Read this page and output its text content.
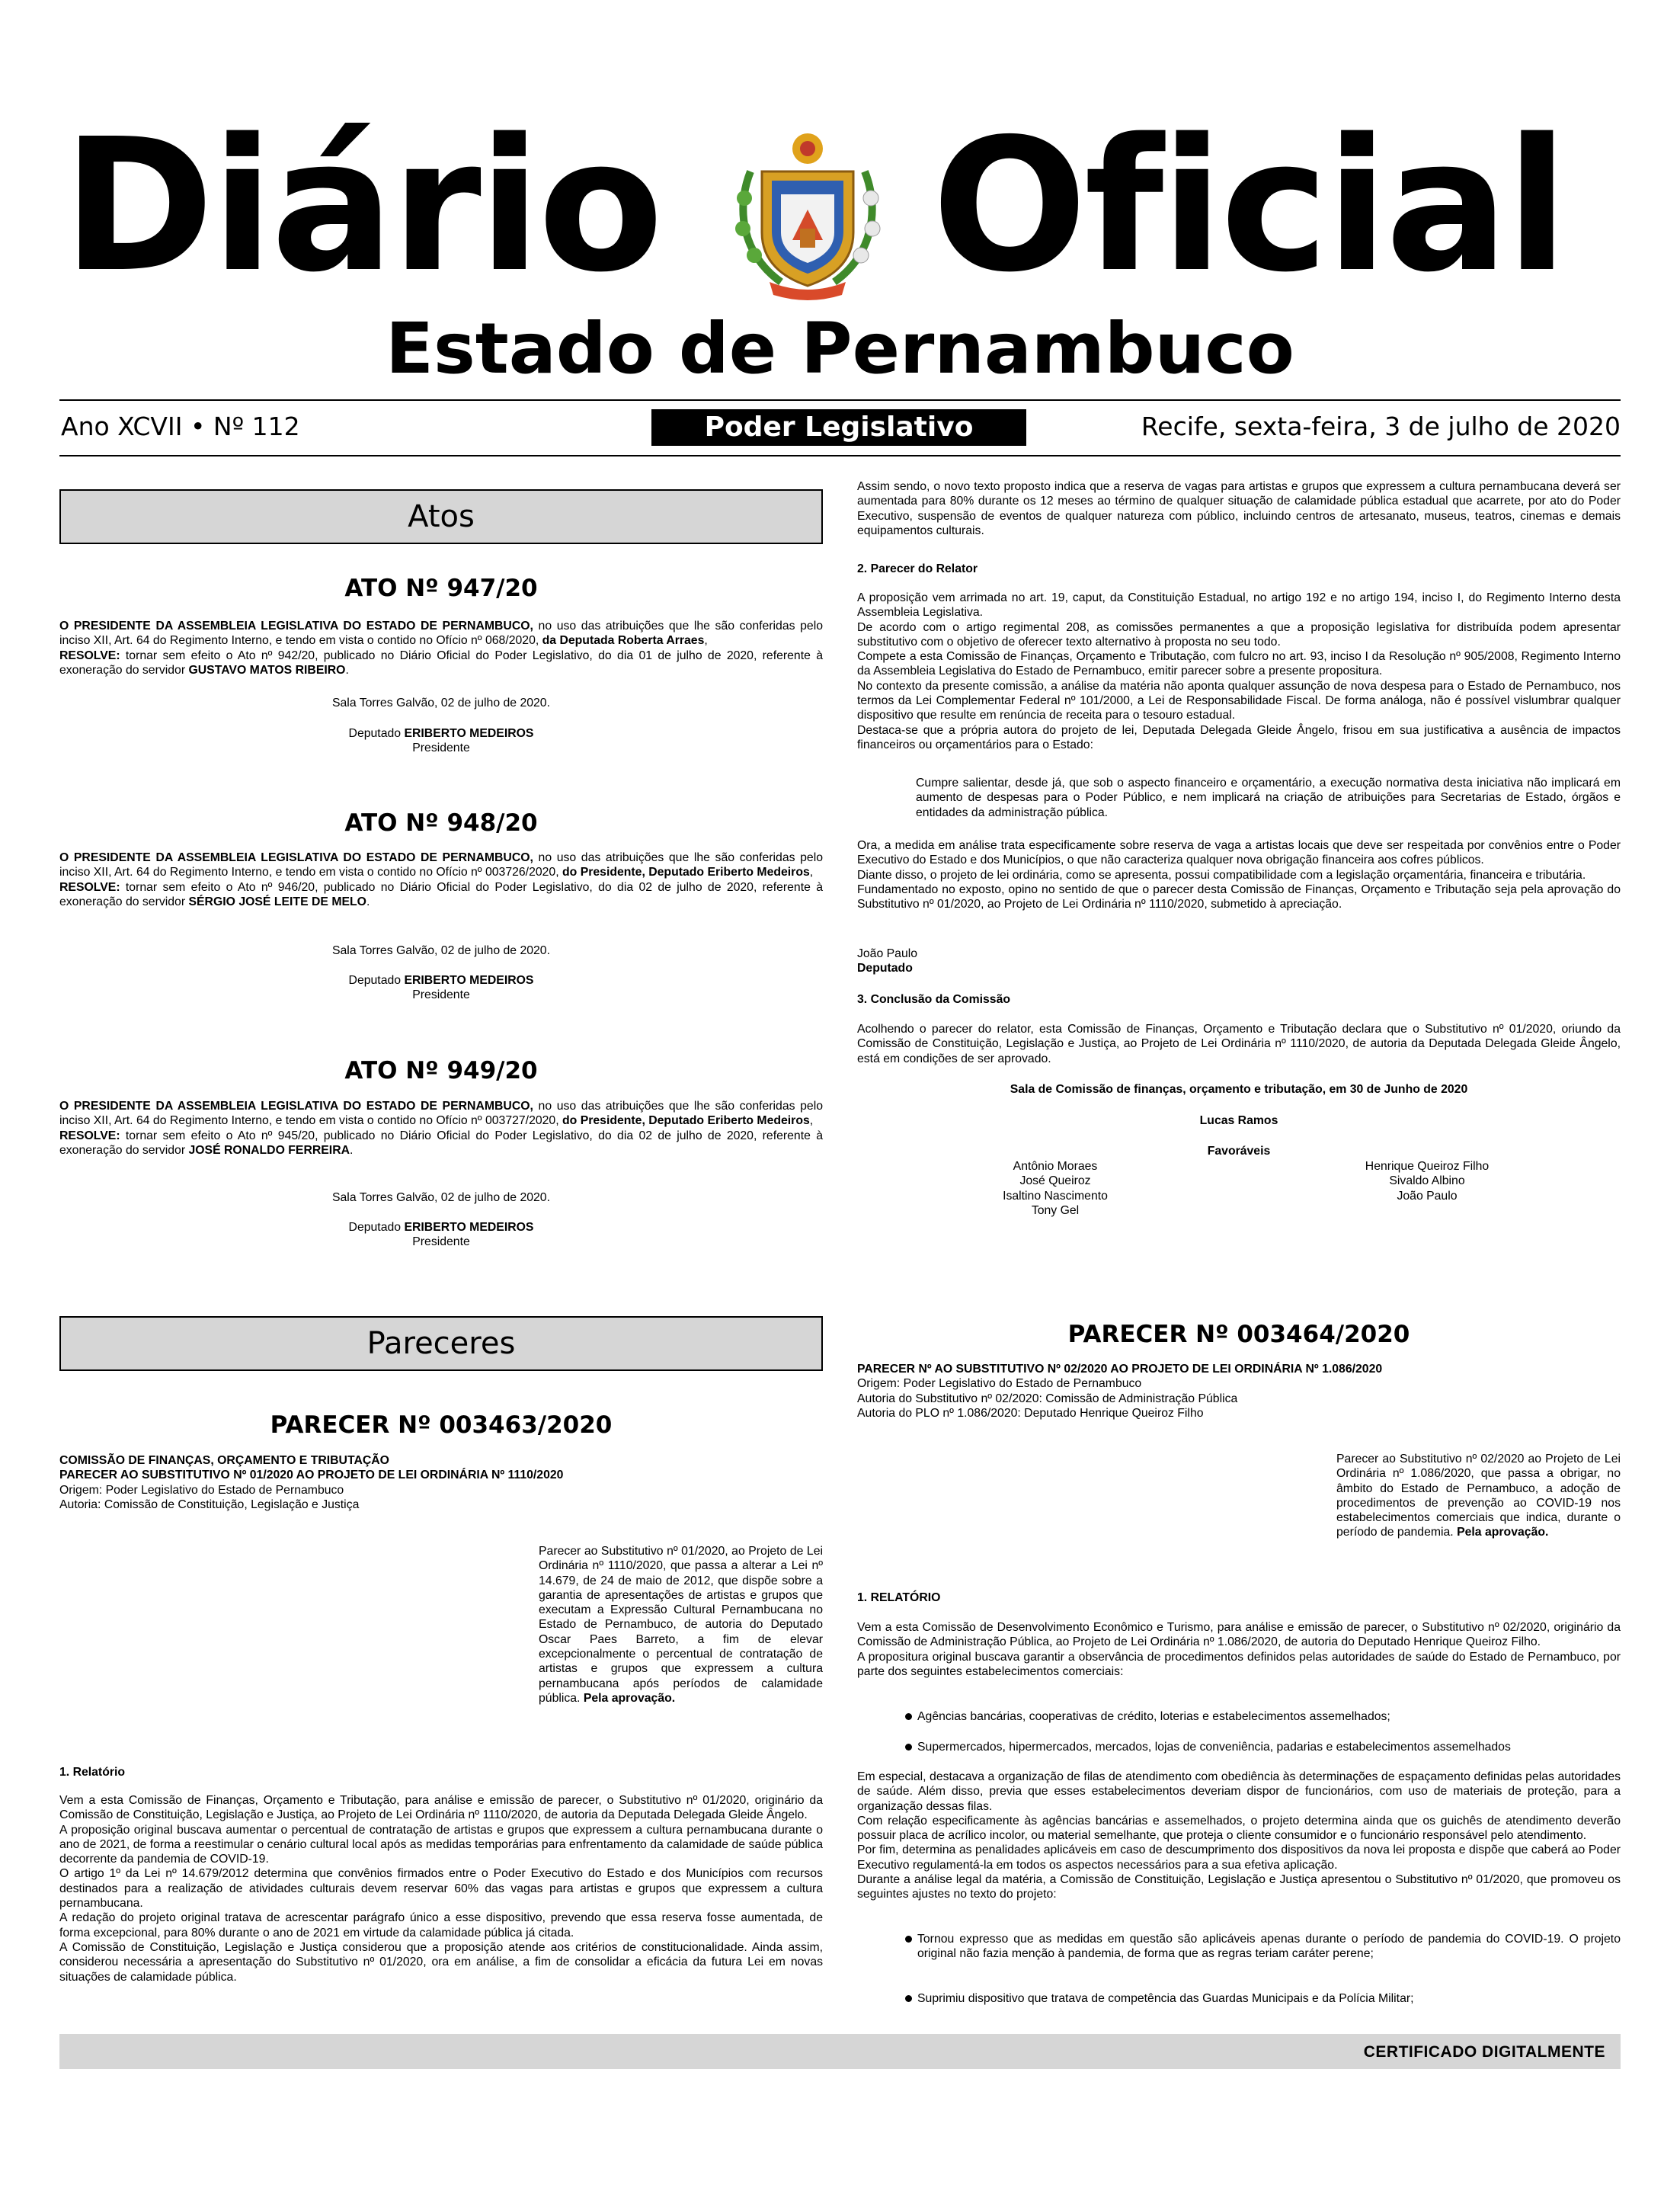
Diário Oficial
Estado de Pernambuco
Ano XCVII • Nº 112	Poder Legislativo	Recife, sexta-feira, 3 de julho de 2020
Atos
ATO Nº 947/20

O PRESIDENTE DA ASSEMBLEIA LEGISLATIVA DO ESTADO DE PERNAMBUCO, no uso das atribuições que lhe são conferidas pelo inciso XII, Art. 64 do Regimento Interno, e tendo em vista o contido no Ofício nº 068/2020, da Deputada Roberta Arraes,

RESOLVE: tornar sem efeito o Ato nº 942/20, publicado no Diário Oficial do Poder Legislativo, do dia 01 de julho de 2020, referente à exoneração do servidor GUSTAVO MATOS RIBEIRO.

Sala Torres Galvão, 02 de julho de 2020.

Deputado ERIBERTO MEDEIROS

Presidente

ATO Nº 948/20

O PRESIDENTE DA ASSEMBLEIA LEGISLATIVA DO ESTADO DE PERNAMBUCO, no uso das atribuições que lhe são conferidas pelo inciso XII, Art. 64 do Regimento Interno, e tendo em vista o contido no Ofício nº 003726/2020, do Presidente, Deputado Eriberto Medeiros,

RESOLVE: tornar sem efeito o Ato nº 946/20, publicado no Diário Oficial do Poder Legislativo, do dia 02 de julho de 2020, referente à exoneração do servidor SÉRGIO JOSÉ LEITE DE MELO.

Sala Torres Galvão, 02 de julho de 2020.

Deputado ERIBERTO MEDEIROS

Presidente

ATO Nº 949/20

O PRESIDENTE DA ASSEMBLEIA LEGISLATIVA DO ESTADO DE PERNAMBUCO, no uso das atribuições que lhe são conferidas pelo inciso XII, Art. 64 do Regimento Interno, e tendo em vista o contido no Ofício nº 003727/2020, do Presidente, Deputado Eriberto Medeiros,

RESOLVE: tornar sem efeito o Ato nº 945/20, publicado no Diário Oficial do Poder Legislativo, do dia 02 de julho de 2020, referente à exoneração do servidor JOSÉ RONALDO FERREIRA.

Sala Torres Galvão, 02 de julho de 2020.

Deputado ERIBERTO MEDEIROS

Presidente

Pareceres
PARECER Nº 003463/2020

COMISSÃO DE FINANÇAS, ORÇAMENTO E TRIBUTAÇÃO

PARECER AO SUBSTITUTIVO Nº 01/2020 AO PROJETO DE LEI ORDINÁRIA Nº 1110/2020

Origem: Poder Legislativo do Estado de Pernambuco

Autoria: Comissão de Constituição, Legislação e Justiça

Parecer ao Substitutivo nº 01/2020, ao Projeto de Lei Ordinária nº 1110/2020, que passa a alterar a Lei nº 14.679, de 24 de maio de 2012, que dispõe sobre a garantia de apresentações de artistas e grupos que executam a Expressão Cultural Pernambucana no Estado de Pernambuco, de autoria do Deputado Oscar Paes Barreto, a fim de elevar excepcionalmente o percentual de contratação de artistas e grupos que expressem a cultura pernambucana após períodos de calamidade pública. Pela aprovação.

1. Relatório

Vem a esta Comissão de Finanças, Orçamento e Tributação, para análise e emissão de parecer, o Substitutivo nº 01/2020, originário da Comissão de Constituição, Legislação e Justiça, ao Projeto de Lei Ordinária nº 1110/2020, de autoria da Deputada Delegada Gleide Ângelo.

A proposição original buscava aumentar o percentual de contratação de artistas e grupos que expressem a cultura pernambucana durante o ano de 2021, de forma a reestimular o cenário cultural local após as medidas temporárias para enfrentamento da calamidade de saúde pública decorrente da pandemia de COVID-19.

O artigo 1º da Lei nº 14.679/2012 determina que convênios firmados entre o Poder Executivo do Estado e dos Municípios com recursos destinados para a realização de atividades culturais devem reservar 60% das vagas para artistas e grupos que expressem a cultura pernambucana.

A redação do projeto original tratava de acrescentar parágrafo único a esse dispositivo, prevendo que essa reserva fosse aumentada, de forma excepcional, para 80% durante o ano de 2021 em virtude da calamidade pública já citada.

A Comissão de Constituição, Legislação e Justiça considerou que a proposição atende aos critérios de constitucionalidade. Ainda assim, considerou necessária a apresentação do Substitutivo nº 01/2020, ora em análise, a fim de consolidar a eficácia da futura Lei em novas situações de calamidade pública.

Assim sendo, o novo texto proposto indica que a reserva de vagas para artistas e grupos que expressem a cultura pernambucana deverá ser aumentada para 80% durante os 12 meses ao término de qualquer situação de calamidade pública estadual que acarrete, por ato do Poder Executivo, suspensão de eventos de qualquer natureza com público, incluindo centros de artesanato, museus, teatros, cinemas e demais equipamentos culturais.

2. Parecer do Relator

A proposição vem arrimada no art. 19, caput, da Constituição Estadual, no artigo 192 e no artigo 194, inciso I, do Regimento Interno desta Assembleia Legislativa.

De acordo com o artigo regimental 208, as comissões permanentes a que a proposição legislativa for distribuída podem apresentar substitutivo com o objetivo de oferecer texto alternativo à proposta no seu todo.

Compete a esta Comissão de Finanças, Orçamento e Tributação, com fulcro no art. 93, inciso I da Resolução nº 905/2008, Regimento Interno da Assembleia Legislativa do Estado de Pernambuco, emitir parecer sobre a presente propositura.

No contexto da presente comissão, a análise da matéria não aponta qualquer assunção de nova despesa para o Estado de Pernambuco, nos termos da Lei Complementar Federal nº 101/2000, a Lei de Responsabilidade Fiscal. De forma análoga, não é possível vislumbrar qualquer dispositivo que resulte em renúncia de receita para o tesouro estadual.

Destaca-se que a própria autora do projeto de lei, Deputada Delegada Gleide Ângelo, frisou em sua justificativa a ausência de impactos financeiros ou orçamentários para o Estado:

Cumpre salientar, desde já, que sob o aspecto financeiro e orçamentário, a execução normativa desta iniciativa não implicará em aumento de despesas para o Poder Público, e nem implicará na criação de atribuições para Secretarias de Estado, órgãos e entidades da administração pública.

Ora, a medida em análise trata especificamente sobre reserva de vaga a artistas locais que deve ser respeitada por convênios entre o Poder Executivo do Estado e dos Municípios, o que não caracteriza qualquer nova obrigação financeira aos cofres públicos.

Diante disso, o projeto de lei ordinária, como se apresenta, possui compatibilidade com a legislação orçamentária, financeira e tributária.

Fundamentado no exposto, opino no sentido de que o parecer desta Comissão de Finanças, Orçamento e Tributação seja pela aprovação do Substitutivo nº 01/2020, ao Projeto de Lei Ordinária nº 1110/2020, submetido à apreciação.

João Paulo

Deputado

3. Conclusão da Comissão

Acolhendo o parecer do relator, esta Comissão de Finanças, Orçamento e Tributação declara que o Substitutivo nº 01/2020, oriundo da Comissão de Constituição, Legislação e Justiça, ao Projeto de Lei Ordinária nº 1110/2020, de autoria da Deputada Delegada Gleide Ângelo, está em condições de ser aprovado.

Sala de Comissão de finanças, orçamento e tributação, em 30 de Junho de 2020

Lucas Ramos

Favoráveis

Antônio Moraes

José Queiroz

Isaltino Nascimento

Tony Gel

Henrique Queiroz Filho

Sivaldo Albino

João Paulo

PARECER Nº 003464/2020

PARECER Nº AO SUBSTITUTIVO Nº 02/2020 AO PROJETO DE LEI ORDINÁRIA Nº 1.086/2020

Origem: Poder Legislativo do Estado de Pernambuco

Autoria do Substitutivo nº 02/2020: Comissão de Administração Pública

Autoria do PLO nº 1.086/2020: Deputado Henrique Queiroz Filho

Parecer ao Substitutivo nº 02/2020 ao Projeto de Lei Ordinária nº 1.086/2020, que passa a obrigar, no âmbito do Estado de Pernambuco, a adoção de procedimentos de prevenção ao COVID-19 nos estabelecimentos comerciais que indica, durante o período de pandemia. Pela aprovação.

1. RELATÓRIO

Vem a esta Comissão de Desenvolvimento Econômico e Turismo, para análise e emissão de parecer, o Substitutivo nº 02/2020, originário da Comissão de Administração Pública, ao Projeto de Lei Ordinária nº 1.086/2020, de autoria do Deputado Henrique Queiroz Filho.

A propositura original buscava garantir a observância de procedimentos definidos pelas autoridades de saúde do Estado de Pernambuco, por parte dos seguintes estabelecimentos comerciais:

Agências bancárias, cooperativas de crédito, loterias e estabelecimentos assemelhados;

Supermercados, hipermercados, mercados, lojas de conveniência, padarias e estabelecimentos assemelhados

Em especial, destacava a organização de filas de atendimento com obediência às determinações de espaçamento definidas pelas autoridades de saúde. Além disso, previa que esses estabelecimentos deveriam dispor de funcionários, com uso de materiais de proteção, para a organização dessas filas.

Com relação especificamente às agências bancárias e assemelhados, o projeto determina ainda que os guichês de atendimento deverão possuir placa de acrílico incolor, ou material semelhante, que proteja o cliente consumidor e o funcionário responsável pelo atendimento.

Por fim, determina as penalidades aplicáveis em caso de descumprimento dos dispositivos da nova lei proposta e dispõe que caberá ao Poder Executivo regulamentá-la em todos os aspectos necessários para a sua efetiva aplicação.

Durante a análise legal da matéria, a Comissão de Constituição, Legislação e Justiça apresentou o Substitutivo nº 01/2020, que promoveu os seguintes ajustes no texto do projeto:

Tornou expresso que as medidas em questão são aplicáveis apenas durante o período de pandemia do COVID-19. O projeto original não fazia menção à pandemia, de forma que as regras teriam caráter perene;

Suprimiu dispositivo que tratava de competência das Guardas Municipais e da Polícia Militar;

CERTIFICADO DIGITALMENTE
